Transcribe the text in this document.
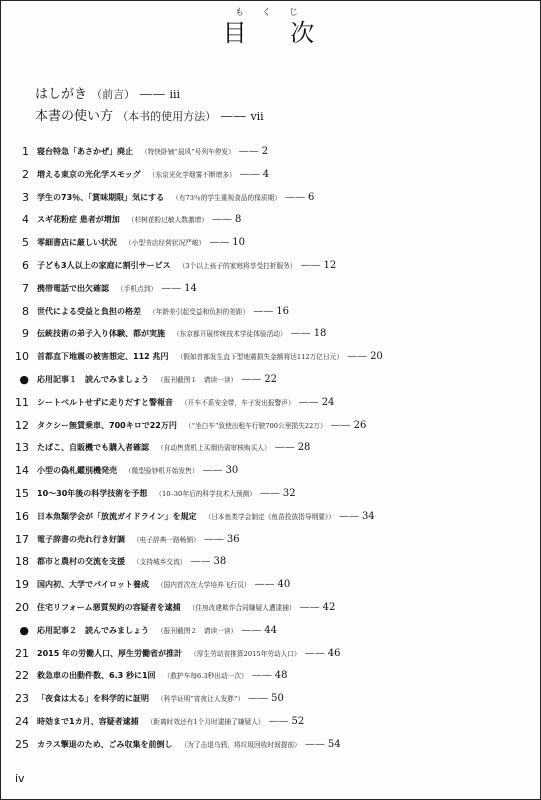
もくじ
目 次
はしがき （前言） —— iii
本書の使い方 （本书的使用方法） —— vii
1	寝台特急「あさかぜ」廃止 （特快卧铺“晨风”号列车停发） —— 2
2	増える東京の光化学スモッグ （东京光化学烟雾不断增多） —— 4
3	学生の73％、「賞味期限」気にする （有73％的学生重视食品的保质期） —— 6
4	スギ花粉症 患者が増加 （杉树花粉过敏人数激增） —— 8
5	零細書店に厳しい状況 （小型书店经营状况严峻） —— 10
6	子ども3人以上の家庭に割引サービス （3个以上孩子的家庭将享受打折服务） —— 12
7	携帯電話で出欠確認 （手机点到） —— 14
8	世代による受益と負担の格差 （年龄差引起受益和负担的差距） —— 16
9	伝統技術の弟子入り体験、都が実施 （东京都开展传统技术学徒体验活动） —— 18
10	首都直下地震の被害想定、112 兆円 （假如首都发生直下型地震损失金额将达112万亿日元） —— 20
●	応用記事１　読んでみましょう （报刊截图１　请读一读） —— 22
11	シートベルトせずに走りだすと警報音 （开车不系安全带，车子发出报警声） —— 24
12	タクシー無賃乗車、700キロで22万円 （“坐白车”致使出租车行驶700公里损失22万） —— 26
13	たばこ、自販機でも購入者確認 （自动售货机上买烟仍需审核购买人） —— 28
14	小型の偽札鑑別機発売 （微型验钞机开始发售） —— 30
15	10～30年後の科学技術を予想 （10–30年后的科学技术大预测） —— 32
16	日本魚類学会が「放流ガイドライン」を規定 （日本鱼类学会制定《鱼苗投放指导纲要》） —— 34
17	電子辞書の売れ行き好調 （电子辞典一路畅销） —— 36
18	都市と農村の交流を支援 （支持城乡交流） —— 38
19	国内初、大学でパイロット養成 （国内首次在大学培养飞行员） —— 40
20	住宅リフォーム悪質契約の容疑者を逮捕 （住房改建欺诈合同嫌疑人遭逮捕） —— 42
●	応用記事２　読んでみましょう （报刊截图２　请读一读） —— 44
21	2015 年の労働人口、厚生労働省が推計 （厚生劳动省推算2015年劳动人口） —— 46
22	救急車の出動件数、6.3 秒に1回 （救护车每6.3秒出动一次） —— 48
23	「夜食は太る」を科学的に証明 （科学证明“宵夜让人发胖”） —— 50
24	時効まで1カ月、容疑者逮捕 （距离时效还有1个月时逮捕了嫌疑人） —— 52
25	カラス撃退のため、ごみ収集を前倒し （为了击退乌鸦，将垃圾回收时间提前） —— 54
iv
